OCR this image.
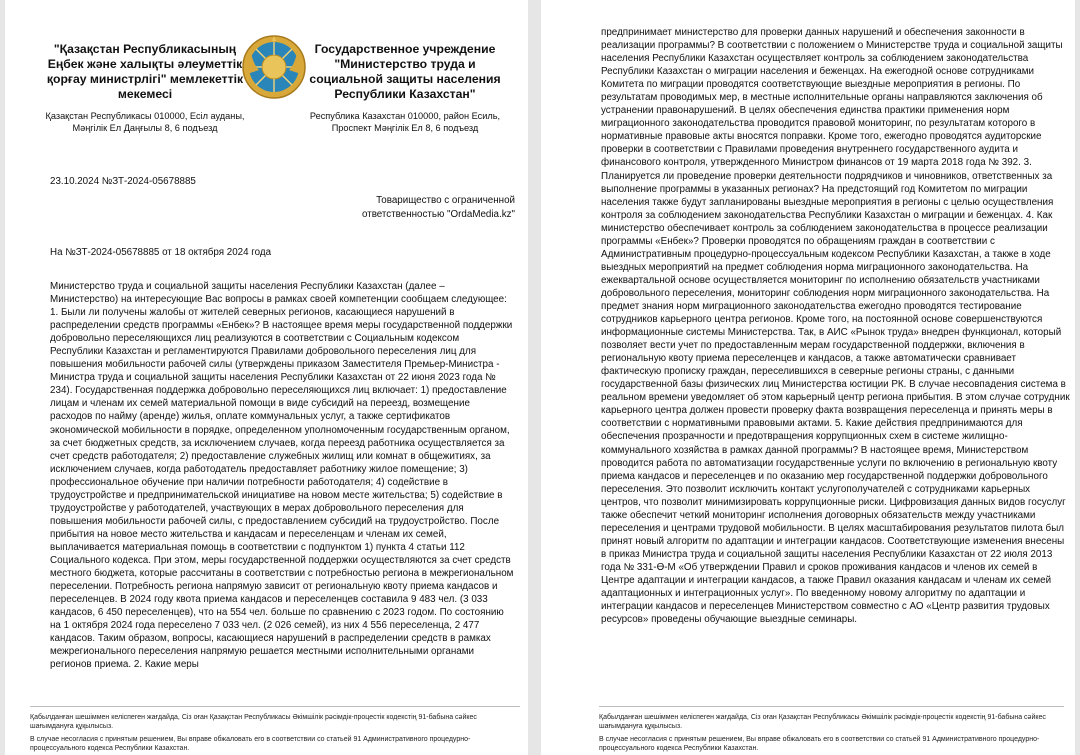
"Қазақстан Республикасының Еңбек және халықты әлеуметтік қорғау министрлігі" мемлекеттік мекемесі
Государственное учреждение "Министерство труда и социальной защиты населения Республики Казахстан"
Қазақстан Республикасы 010000, Есіл ауданы, Мәңгілік Ел Даңғылы 8, 6 подъезд
Республика Казахстан 010000, район Есиль, Проспект Мәңгілік Ел 8, 6 подъезд
23.10.2024 №ЗТ-2024-05678885
Товарищество с ограниченной ответственностью "OrdaMedia.kz"
На №ЗТ-2024-05678885 от 18 октября 2024 года
Министерство труда и социальной защиты населения Республики Казахстан (далее – Министерство) на интересующие Вас вопросы в рамках своей компетенции сообщаем следующее: 1. Были ли получены жалобы от жителей северных регионов, касающиеся нарушений в распределении средств программы «Енбек»? В настоящее время меры государственной поддержки добровольно переселяющихся лиц реализуются в соответствии с Социальным кодексом Республики Казахстан и регламентируются Правилами добровольного переселения лиц для повышения мобильности рабочей силы (утверждены приказом Заместителя Премьер-Министра - Министра труда и социальной защиты населения Республики Казахстан от 22 июня 2023 года № 234). Государственная поддержка добровольно переселяющихся лиц включает: 1) предоставление лицам и членам их семей материальной помощи в виде субсидий на переезд, возмещение расходов по найму (аренде) жилья, оплате коммунальных услуг, а также сертификатов экономической мобильности в порядке, определенном уполномоченным государственным органом, за счет бюджетных средств, за исключением случаев, когда переезд работника осуществляется за счет средств работодателя; 2) предоставление служебных жилищ или комнат в общежитиях, за исключением случаев, когда работодатель предоставляет работнику жилое помещение; 3) профессиональное обучение при наличии потребности работодателя; 4) содействие в трудоустройстве и предпринимательской инициативе на новом месте жительства; 5) содействие в трудоустройстве у работодателей, участвующих в мерах добровольного переселения для повышения мобильности рабочей силы, с предоставлением субсидий на трудоустройство. После прибытия на новое место жительства и кандасам и переселенцам и членам их семей, выплачивается материальная помощь в соответствии с подпунктом 1) пункта 4 статьи 112 Социального кодекса. При этом, меры государственной поддержки осуществляются за счет средств местного бюджета, которые рассчитаны в соответствии с потребностью региона в межрегиональном переселении. Потребность региона напрямую зависит от региональную квоту приема кандасов и переселенцев. В 2024 году квота приема кандасов и переселенцев составила 9 483 чел. (3 033 кандасов, 6 450 переселенцев), что на 554 чел. больше по сравнению с 2023 годом. По состоянию на 1 октября 2024 года переселено 7 033 чел. (2 026 семей), из них 4 556 переселенца, 2 477 кандасов. Таким образом, вопросы, касающиеся нарушений в распределении средств в рамках межрегионального переселения напрямую решается местными исполнительными органами регионов приема. 2. Какие меры
Қабылданған шешіммен келіспеген жағдайда, Сіз оған Қазақстан Республикасы Әкімшілік рәсімдік-процестік кодекстің 91-бабына сәйкес шағымдануға құқылысыз.
В случае несогласия с принятым решением, Вы вправе обжаловать его в соответствии со статьей 91 Административного процедурно-процессуального кодекса Республики Казахстан.
предпринимает министерство для проверки данных нарушений и обеспечения законности в реализации программы? В соответствии с положением о Министерстве труда и социальной защиты населения Республики Казахстан осуществляет контроль за соблюдением законодательства Республики Казахстан о миграции населения и беженцах. На ежегодной основе сотрудниками Комитета по миграции проводятся соответствующие выездные мероприятия в регионы. По результатам проводимых мер, в местные исполнительные органы направляются заключения об устранении правонарушений. В целях обеспечения единства практики применения норм миграционного законодательства проводится правовой мониторинг, по результатам которого в нормативные правовые акты вносятся поправки. Кроме того, ежегодно проводятся аудиторские проверки в соответствии с Правилами проведения внутреннего государственного аудита и финансового контроля, утвержденного Министром финансов от 19 марта 2018 года № 392. 3. Планируется ли проведение проверки деятельности подрядчиков и чиновников, ответственных за выполнение программы в указанных регионах? На предстоящий год Комитетом по миграции населения также будут запланированы выездные мероприятия в регионы с целью осуществления контроля за соблюдением законодательства Республики Казахстан о миграции и беженцах. 4. Как министерство обеспечивает контроль за соблюдением законодательства в процессе реализации программы «Енбек»? Проверки проводятся по обращениям граждан в соответствии с Административным процедурно-процессуальным кодексом Республики Казахстан, а также в ходе выездных мероприятий на предмет соблюдения норма миграционного законодательства. На ежеквартальной основе осуществляется мониторинг по исполнению обязательств участниками добровольного переселения, мониторинг соблюдения норм миграционного законодательства. На предмет знания норм миграционного законодательства ежегодно проводятся тестирование сотрудников карьерного центра регионов. Кроме того, на постоянной основе совершенствуются информационные системы Министерства. Так, в АИС «Рынок труда» внедрен функционал, который позволяет вести учет по предоставленным мерам государственной поддержки, включения в региональную квоту приема переселенцев и кандасов, а также автоматически сравнивает фактическую прописку граждан, переселившихся в северные регионы страны, с данными государственной базы физических лиц Министерства юстиции РК. В случае несовпадения система в реальном времени уведомляет об этом карьерный центр региона прибытия. В этом случае сотрудник карьерного центра должен провести проверку факта возвращения переселенца и принять меры в соответствии с нормативными правовыми актами. 5. Какие действия предпринимаются для обеспечения прозрачности и предотвращения коррупционных схем в системе жилищно-коммунального хозяйства в рамках данной программы? В настоящее время, Министерством проводится работа по автоматизации государственные услуги по включению в региональную квоту приема кандасов и переселенцев и по оказанию мер государственной поддержки добровольного переселения. Это позволит исключить контакт услугополучателей с сотрудниками карьерных центров, что позволит минимизировать коррупционные риски. Цифровизация данных видов госуслуг также обеспечит четкий мониторинг исполнения договорных обязательств между участниками переселения и центрами трудовой мобильности. В целях масштабирования результатов пилота был принят новый алгоритм по адаптации и интеграции кандасов. Соответствующие изменения внесены в приказ Министра труда и социальной защиты населения Республики Казахстан от 22 июля 2013 года № 331-Ө-М «Об утверждении Правил и сроков проживания кандасов и членов их семей в Центре адаптации и интеграции кандасов, а также Правил оказания кандасам и членам их семей адаптационных и интеграционных услуг». По введенному новому алгоритму по адаптации и интеграции кандасов и переселенцев Министерством совместно с АО «Центр развития трудовых ресурсов» проведены обучающие выездные семинары.
Қабылданған шешіммен келіспеген жағдайда, Сіз оған Қазақстан Республикасы Әкімшілік рәсімдік-процестік кодекстің 91-бабына сәйкес шағымдануға құқылысыз.
В случае несогласия с принятым решением, Вы вправе обжаловать его в соответствии со статьей 91 Административного процедурно-процессуального кодекса Республики Казахстан.
